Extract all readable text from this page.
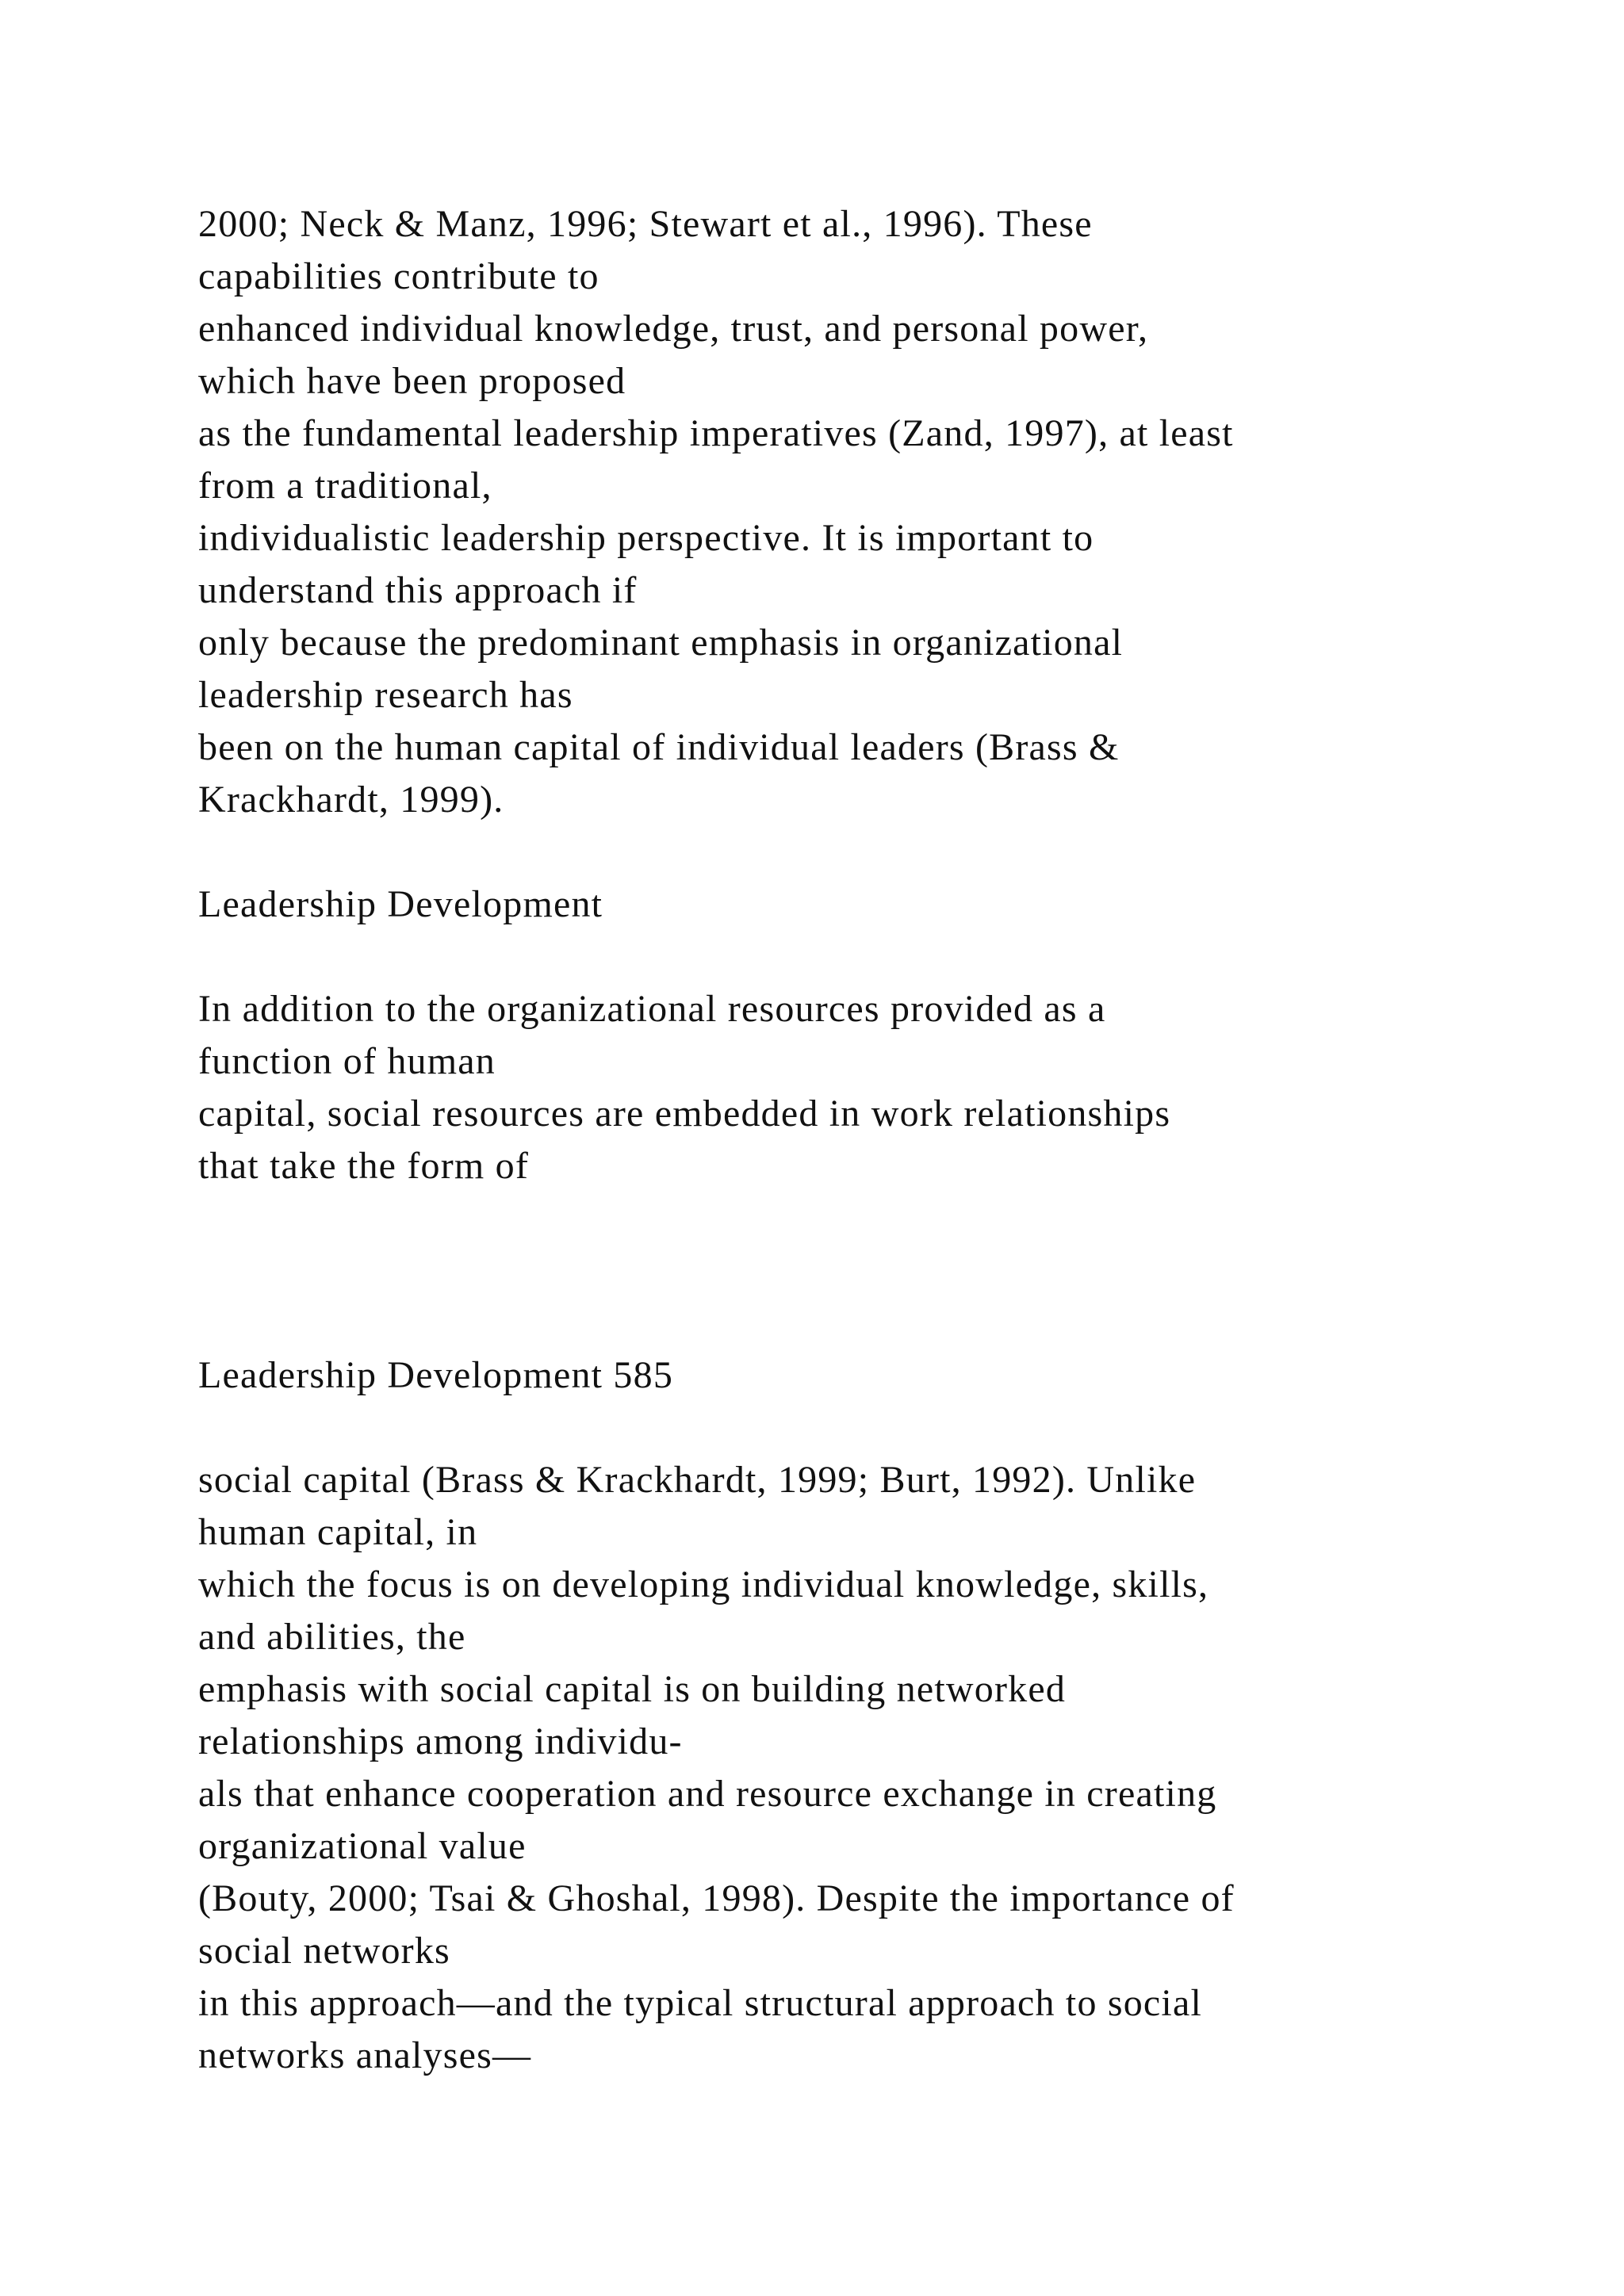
2000; Neck & Manz, 1996; Stewart et al., 1996). These
capabilities contribute to
enhanced individual knowledge, trust, and personal power,
which have been proposed
as the fundamental leadership imperatives (Zand, 1997), at least
from a traditional,
individualistic leadership perspective. It is important to
understand this approach if
only because the predominant emphasis in organizational
leadership research has
been on the human capital of individual leaders (Brass &
Krackhardt, 1999).

Leadership Development

In addition to the organizational resources provided as a
function of human
capital, social resources are embedded in work relationships
that take the form of

Leadership Development 585

social capital (Brass & Krackhardt, 1999; Burt, 1992). Unlike
human capital, in
which the focus is on developing individual knowledge, skills,
and abilities, the
emphasis with social capital is on building networked
relationships among individu-
als that enhance cooperation and resource exchange in creating
organizational value
(Bouty, 2000; Tsai & Ghoshal, 1998). Despite the importance of
social networks
in this approach—and the typical structural approach to social
networks analyses—
